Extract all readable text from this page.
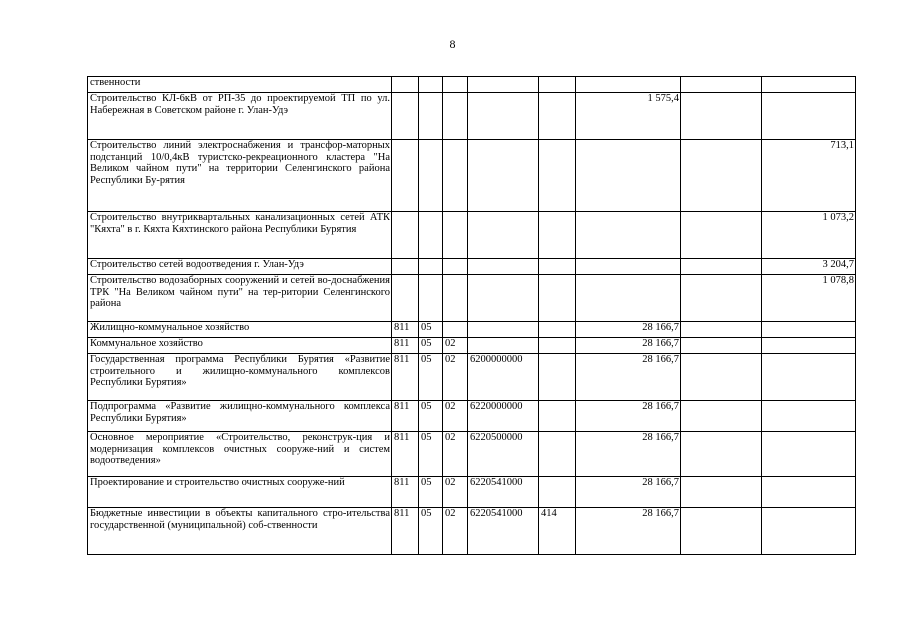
8
ственности								
Строительство КЛ-6кВ от РП-35 до проектируемой ТП по ул. Набережная в Советском районе г. Улан-Удэ						1 575,4		
Строительство линий электроснабжения и трансфор-маторных подстанций 10/0,4кВ туристско-рекреационного кластера "На Великом чайном пути" на территории Селенгинского района Республики Бу-рятия								713,1
Строительство внутриквартальных канализационных сетей АТК "Кяхта" в г. Кяхта Кяхтинского района Республики Бурятия								1 073,2
Строительство сетей водоотведения г. Улан-Удэ								3 204,7
Строительство водозаборных сооружений и сетей во-доснабжения ТРК "На Великом чайном пути" на тер-ритории Селенгинского района								1 078,8
Жилищно-коммунальное хозяйство	811	05				28 166,7		
Коммунальное хозяйство	811	05	02			28 166,7		
Государственная программа Республики Бурятия «Развитие строительного и жилищно-коммунального комплексов Республики Бурятия»	811	05	02	6200000000		28 166,7		
Подпрограмма «Развитие жилищно-коммунального комплекса Республики Бурятия»	811	05	02	6220000000		28 166,7		
Основное мероприятие «Строительство, реконструк-ция и модернизация комплексов очистных сооруже-ний и систем водоотведения»	811	05	02	6220500000		28 166,7		
Проектирование и строительство очистных сооруже-ний	811	05	02	6220541000		28 166,7		
Бюджетные инвестиции в объекты капитального стро-ительства государственной (муниципальной) соб-ственности	811	05	02	6220541000	414	28 166,7		
